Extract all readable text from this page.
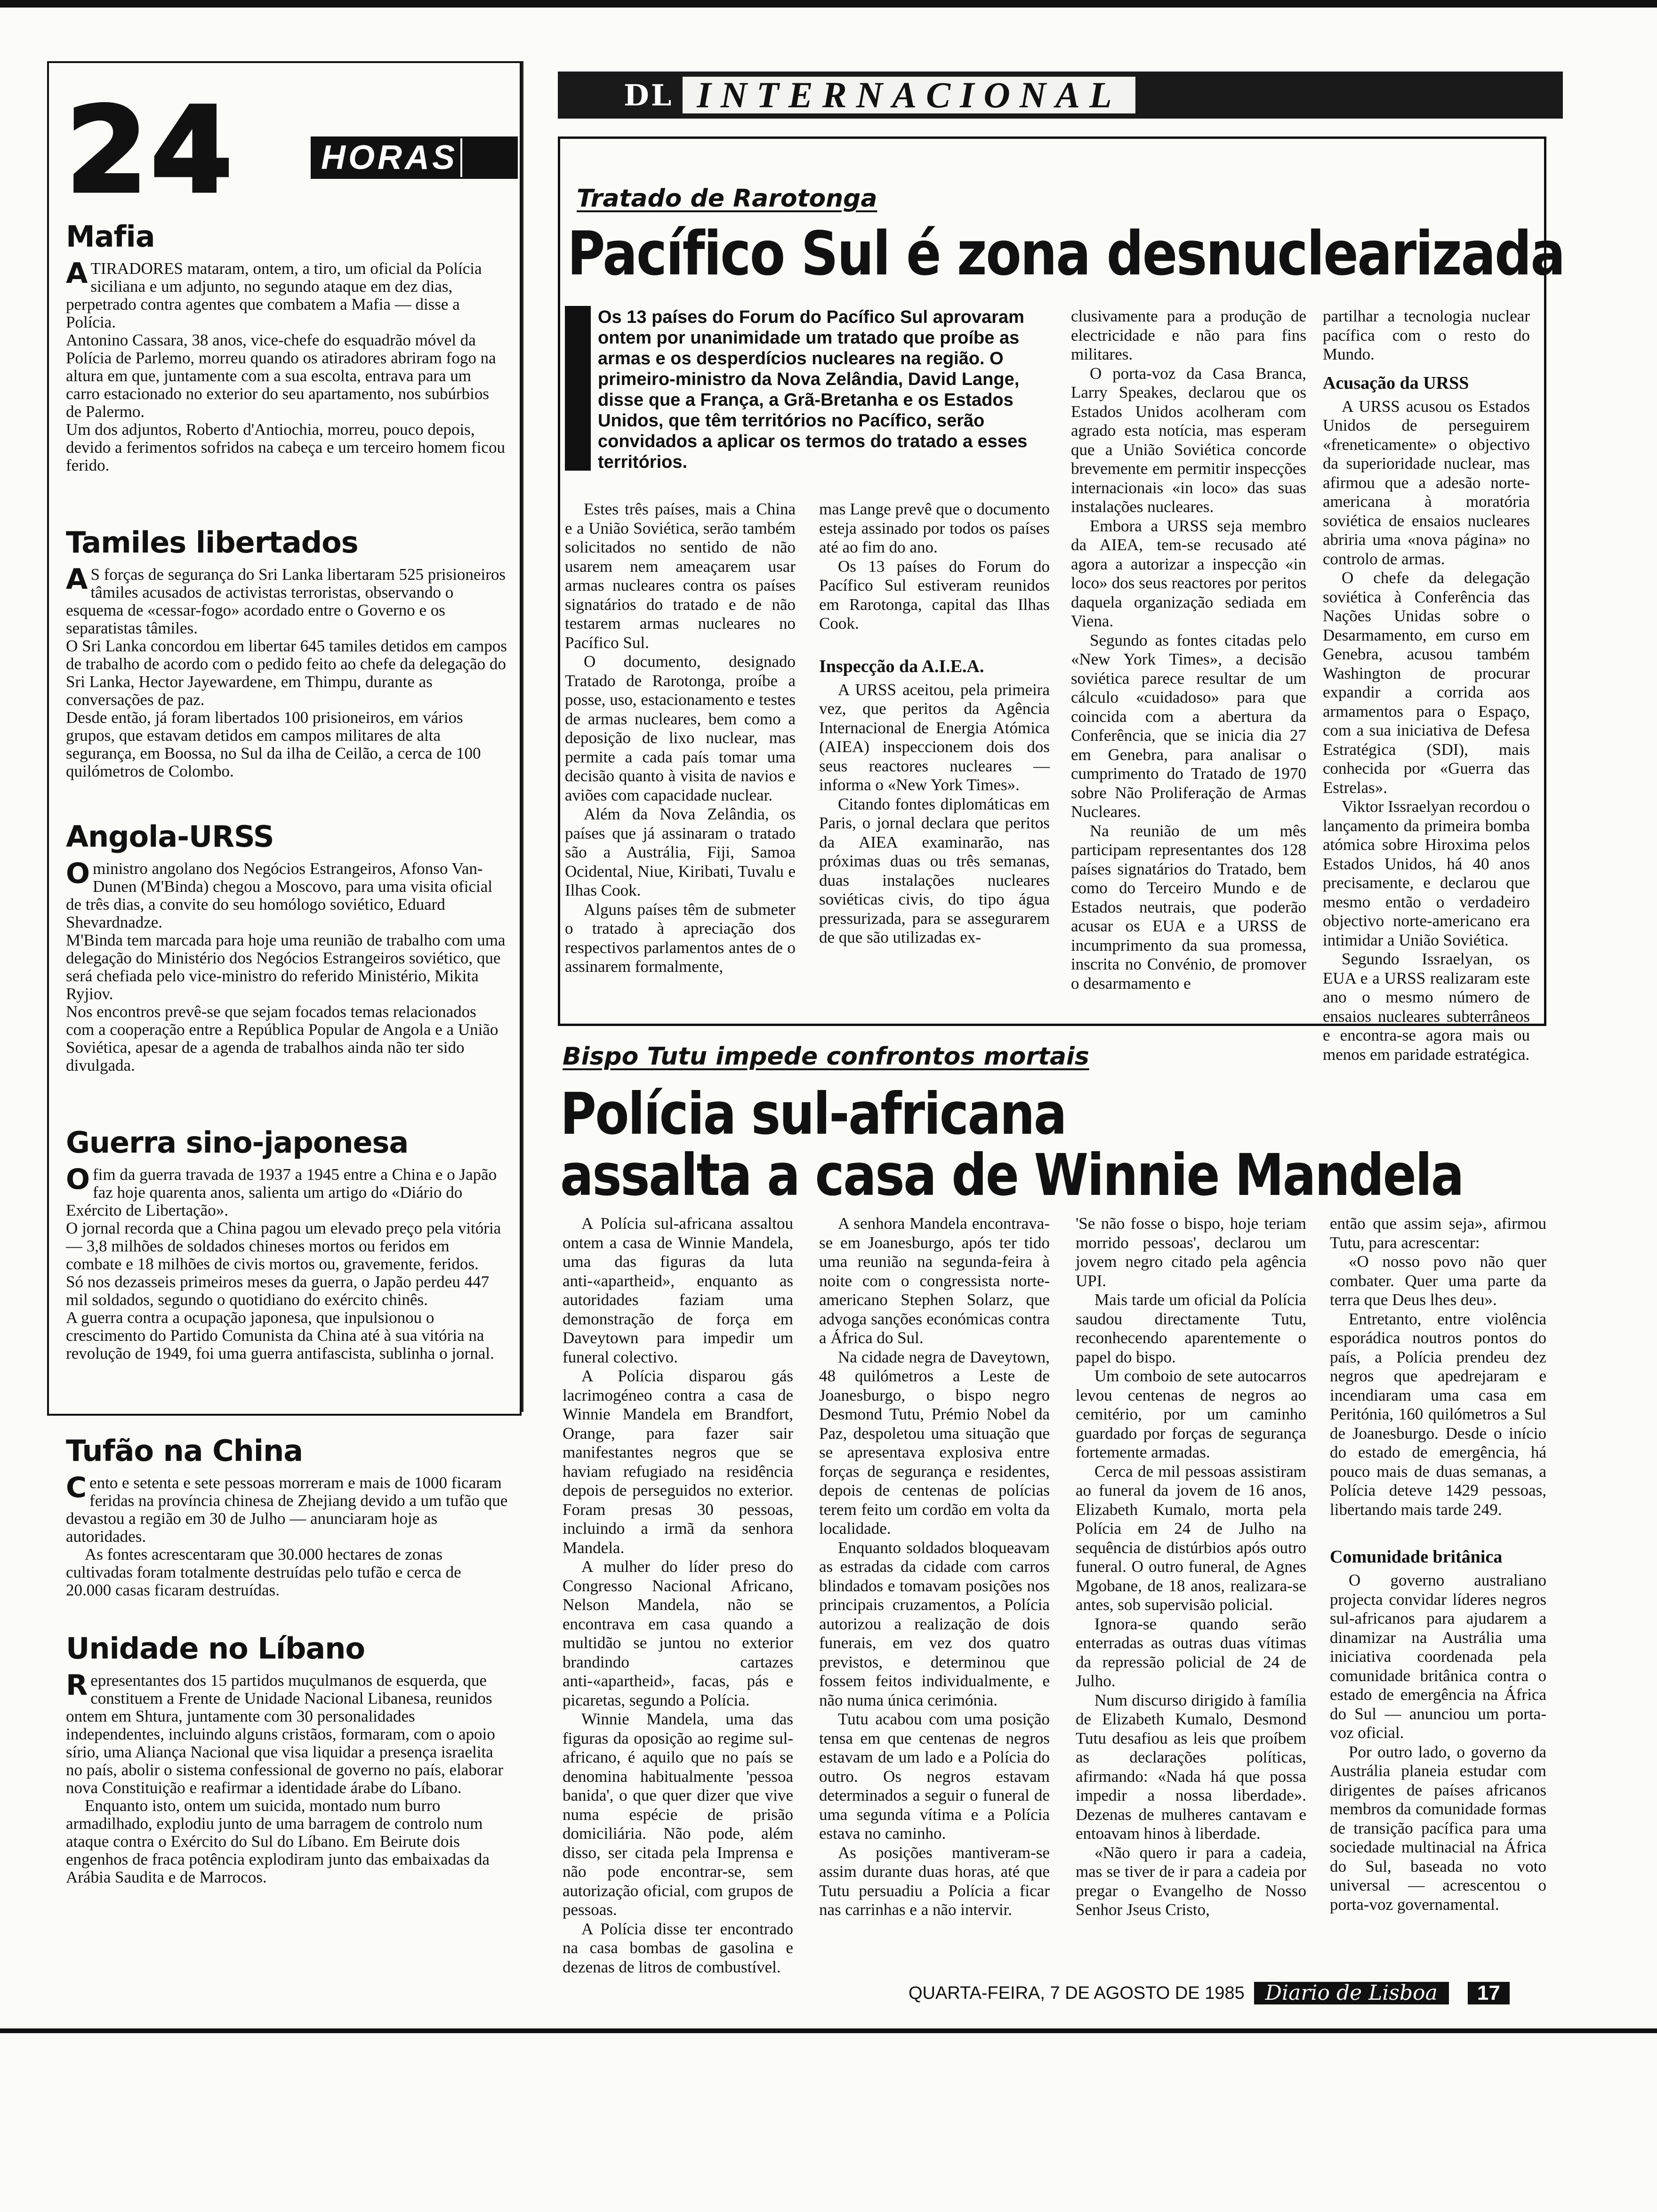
24	HORAS
Mafia

ATIRADORES mataram, ontem, a tiro, um oficial da Polícia siciliana e um adjunto, no segundo ataque em dez dias, perpetrado contra agentes que combatem a Mafia — disse a Polícia.

Antonino Cassara, 38 anos, vice-chefe do esquadrão móvel da Polícia de Parlemo, morreu quando os atiradores abriram fogo na altura em que, juntamente com a sua escolta, entrava para um carro estacionado no exterior do seu apartamento, nos subúrbios de Palermo.

Um dos adjuntos, Roberto d'Antiochia, morreu, pouco depois, devido a ferimentos sofridos na cabeça e um terceiro homem ficou ferido.

Tamiles libertados

A S forças de segurança do Sri Lanka libertaram 525 prisioneiros tâmiles acusados de activistas terroristas, observando o esquema de «cessar-fogo» acordado entre o Governo e os separatistas tâmiles.

O Sri Lanka concordou em libertar 645 tamiles detidos em campos de trabalho de acordo com o pedido feito ao chefe da delegação do Sri Lanka, Hector Jayewardene, em Thimpu, durante as conversações de paz.

Desde então, já foram libertados 100 prisioneiros, em vários grupos, que estavam detidos em campos militares de alta segurança, em Boossa, no Sul da ilha de Ceilão, a cerca de 100 quilómetros de Colombo.

Angola-URSS

Oministro angolano dos Negócios Estrangeiros, Afonso Van-Dunen (M'Binda) chegou a Moscovo, para uma visita oficial de três dias, a convite do seu homólogo soviético, Eduard Shevardnadze.

M'Binda tem marcada para hoje uma reunião de trabalho com uma delegação do Ministério dos Negócios Estrangeiros soviético, que será chefiada pelo vice-ministro do referido Ministério, Mikita Ryjiov.

Nos encontros prevê-se que sejam focados temas relacionados com a cooperação entre a República Popular de Angola e a União Soviética, apesar de a agenda de trabalhos ainda não ter sido divulgada.

Guerra sino-japonesa

Ofim da guerra travada de 1937 a 1945 entre a China e o Japão faz hoje quarenta anos, salienta um artigo do «Diário do Exército de Libertação».

O jornal recorda que a China pagou um elevado preço pela vitória — 3,8 milhões de soldados chineses mortos ou feridos em combate e 18 milhões de civis mortos ou, gravemente, feridos.

Só nos dezasseis primeiros meses da guerra, o Japão perdeu 447 mil soldados, segundo o quotidiano do exército chinês.

A guerra contra a ocupação japonesa, que inpulsionou o crescimento do Partido Comunista da China até à sua vitória na revolução de 1949, foi uma guerra antifascista, sublinha o jornal.

Tufão na China

Cento e setenta e sete pessoas morreram e mais de 1000 ficaram feridas na província chinesa de Zhejiang devido a um tufão que devastou a região em 30 de Julho — anunciaram hoje as autoridades.

As fontes acrescentaram que 30.000 hectares de zonas cultivadas foram totalmente destruídas pelo tufão e cerca de 20.000 casas ficaram destruídas.

Unidade no Líbano

Representantes dos 15 partidos muçulmanos de esquerda, que constituem a Frente de Unidade Nacional Libanesa, reunidos ontem em Shtura, juntamente com 30 personalidades independentes, incluindo alguns cristãos, formaram, com o apoio sírio, uma Aliança Nacional que visa liquidar a presença israelita no país, abolir o sistema confessional de governo no país, elaborar nova Constituição e reafirmar a identidade árabe do Líbano.

Enquanto isto, ontem um suicida, montado num burro armadilhado, explodiu junto de uma barragem de controlo num ataque contra o Exército do Sul do Líbano. Em Beirute dois engenhos de fraca potência explodiram junto das embaixadas da Arábia Saudita e de Marrocos.

DL INTERNACIONAL
Tratado de Rarotonga
Pacífico Sul é zona desnuclearizada
Os 13 países do Forum do Pacífico Sul aprovaram ontem por unanimidade um tratado que proíbe as armas e os desperdícios nucleares na região. O primeiro-ministro da Nova Zelândia, David Lange, disse que a França, a Grã-Bretanha e os Estados Unidos, que têm territórios no Pacífico, serão convidados a aplicar os termos do tratado a esses territórios.

Estes três países, mais a China e a União Soviética, serão também solicitados no sentido de não usarem nem ameaçarem usar armas nucleares contra os países signatários do tratado e de não testarem armas nucleares no Pacífico Sul.

O documento, designado Tratado de Rarotonga, proíbe a posse, uso, estacionamento e testes de armas nucleares, bem como a deposição de lixo nuclear, mas permite a cada país tomar uma decisão quanto à visita de navios e aviões com capacidade nuclear.

Além da Nova Zelândia, os países que já assinaram o tratado são a Austrália, Fiji, Samoa Ocidental, Niue, Kiribati, Tuvalu e Ilhas Cook.

Alguns países têm de submeter o tratado à apreciação dos respectivos parlamentos antes de o assinarem formalmente,

mas Lange prevê que o documento esteja assinado por todos os países até ao fim do ano.

Os 13 países do Forum do Pacífico Sul estiveram reunidos em Rarotonga, capital das Ilhas Cook.

Inspecção da A.I.E.A.

A URSS aceitou, pela primeira vez, que peritos da Agência Internacional de Energia Atómica (AIEA) inspeccionem dois dos seus reactores nucleares — informa o «New York Times».

Citando fontes diplomáticas em Paris, o jornal declara que peritos da AIEA examinarão, nas próximas duas ou três semanas, duas instalações nucleares soviéticas civis, do tipo água pressurizada, para se assegurarem de que são utilizadas ex-

clusivamente para a produção de electricidade e não para fins militares.

O porta-voz da Casa Branca, Larry Speakes, declarou que os Estados Unidos acolheram com agrado esta notícia, mas esperam que a União Soviética concorde brevemente em permitir inspecções internacionais «in loco» das suas instalações nucleares.

Embora a URSS seja membro da AIEA, tem-se recusado até agora a autorizar a inspecção «in loco» dos seus reactores por peritos daquela organização sediada em Viena.

Segundo as fontes citadas pelo «New York Times», a decisão soviética parece resultar de um cálculo «cuidadoso» para que coincida com a abertura da Conferência, que se inicia dia 27 em Genebra, para analisar o cumprimento do Tratado de 1970 sobre Não Proliferação de Armas Nucleares.

Na reunião de um mês participam representantes dos 128 países signatários do Tratado, bem como do Terceiro Mundo e de Estados neutrais, que poderão acusar os EUA e a URSS de incumprimento da sua promessa, inscrita no Convénio, de promover o desarmamento e

partilhar a tecnologia nuclear pacífica com o resto do Mundo.

Acusação da URSS

A URSS acusou os Estados Unidos de perseguirem «freneticamente» o objectivo da superioridade nuclear, mas afirmou que a adesão norte-americana à moratória soviética de ensaios nucleares abriria uma «nova página» no controlo de armas.

O chefe da delegação soviética à Conferência das Nações Unidas sobre o Desarmamento, em curso em Genebra, acusou também Washington de procurar expandir a corrida aos armamentos para o Espaço, com a sua iniciativa de Defesa Estratégica (SDI), mais conhecida por «Guerra das Estrelas».

Viktor Issraelyan recordou o lançamento da primeira bomba atómica sobre Hiroxima pelos Estados Unidos, há 40 anos precisamente, e declarou que mesmo então o verdadeiro objectivo norte-americano era intimidar a União Soviética.

Segundo Issraelyan, os EUA e a URSS realizaram este ano o mesmo número de ensaios nucleares subterrâneos e encontra-se agora mais ou menos em paridade estratégica.

Bispo Tutu impede confrontos mortais
Polícia sul-africana
assalta a casa de Winnie Mandela

A Polícia sul-africana assaltou ontem a casa de Winnie Mandela, uma das figuras da luta anti-«apartheid», enquanto as autoridades faziam uma demonstração de força em Daveytown para impedir um funeral colectivo.

A Polícia disparou gás lacrimogéneo contra a casa de Winnie Mandela em Brandfort, Orange, para fazer sair manifestantes negros que se haviam refugiado na residência depois de perseguidos no exterior. Foram presas 30 pessoas, incluindo a irmã da senhora Mandela.

A mulher do líder preso do Congresso Nacional Africano, Nelson Mandela, não se encontrava em casa quando a multidão se juntou no exterior brandindo cartazes anti-«apartheid», facas, pás e picaretas, segundo a Polícia.

Winnie Mandela, uma das figuras da oposição ao regime sul-africano, é aquilo que no país se denomina habitualmente 'pessoa banida', o que quer dizer que vive numa espécie de prisão domiciliária. Não pode, além disso, ser citada pela Imprensa e não pode encontrar-se, sem autorização oficial, com grupos de pessoas.

A Polícia disse ter encontrado na casa bombas de gasolina e dezenas de litros de combustível.

A senhora Mandela encontrava-se em Joanesburgo, após ter tido uma reunião na segunda-feira à noite com o congressista norte-americano Stephen Solarz, que advoga sanções económicas contra a África do Sul.

Na cidade negra de Daveytown, 48 quilómetros a Leste de Joanesburgo, o bispo negro Desmond Tutu, Prémio Nobel da Paz, despoletou uma situação que se apresentava explosiva entre forças de segurança e residentes, depois de centenas de polícias terem feito um cordão em volta da localidade.

Enquanto soldados bloqueavam as estradas da cidade com carros blindados e tomavam posições nos principais cruzamentos, a Polícia autorizou a realização de dois funerais, em vez dos quatro previstos, e determinou que fossem feitos individualmente, e não numa única cerimónia.

Tutu acabou com uma posição tensa em que centenas de negros estavam de um lado e a Polícia do outro. Os negros estavam determinados a seguir o funeral de uma segunda vítima e a Polícia estava no caminho.

As posições mantiveram-se assim durante duas horas, até que Tutu persuadiu a Polícia a ficar nas carrinhas e a não intervir.

'Se não fosse o bispo, hoje teriam morrido pessoas', declarou um jovem negro citado pela agência UPI.

Mais tarde um oficial da Polícia saudou directamente Tutu, reconhecendo aparentemente o papel do bispo.

Um comboio de sete autocarros levou centenas de negros ao cemitério, por um caminho guardado por forças de segurança fortemente armadas.

Cerca de mil pessoas assistiram ao funeral da jovem de 16 anos, Elizabeth Kumalo, morta pela Polícia em 24 de Julho na sequência de distúrbios após outro funeral. O outro funeral, de Agnes Mgobane, de 18 anos, realizara-se antes, sob supervisão policial.

Ignora-se quando serão enterradas as outras duas vítimas da repressão policial de 24 de Julho.

Num discurso dirigido à família de Elizabeth Kumalo, Desmond Tutu desafiou as leis que proíbem as declarações políticas, afirmando: «Nada há que possa impedir a nossa liberdade». Dezenas de mulheres cantavam e entoavam hinos à liberdade.

«Não quero ir para a cadeia, mas se tiver de ir para a cadeia por pregar o Evangelho de Nosso Senhor Jseus Cristo,

então que assim seja», afirmou Tutu, para acrescentar:

«O nosso povo não quer combater. Quer uma parte da terra que Deus lhes deu».

Entretanto, entre violência esporádica noutros pontos do país, a Polícia prendeu dez negros que apedrejaram e incendiaram uma casa em Peritónia, 160 quilómetros a Sul de Joanesburgo. Desde o início do estado de emergência, há pouco mais de duas semanas, a Polícia deteve 1429 pessoas, libertando mais tarde 249.

Comunidade britânica

O governo australiano projecta convidar líderes negros sul-africanos para ajudarem a dinamizar na Austrália uma iniciativa coordenada pela comunidade britânica contra o estado de emergência na África do Sul — anunciou um porta-voz oficial.

Por outro lado, o governo da Austrália planeia estudar com dirigentes de países africanos membros da comunidade formas de transição pacífica para uma sociedade multinacial na África do Sul, baseada no voto universal — acrescentou o porta-voz governamental.

QUARTA-FEIRA, 7 DE AGOSTO DE 1985	Diario de Lisboa	17
